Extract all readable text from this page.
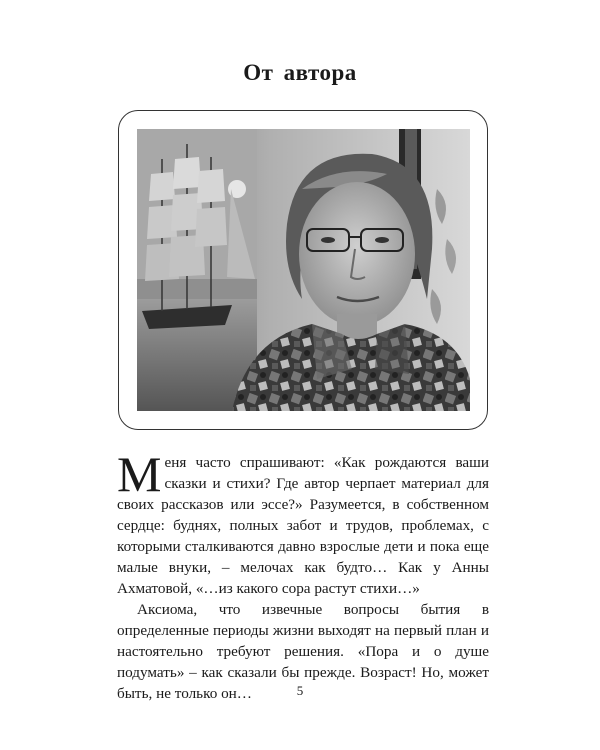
От автора

Меня часто спрашивают: «Как рождаются ваши сказки и стихи? Где автор черпает материал для своих рассказов или эссе?» Разумеется, в собственном сердце: буднях, полных забот и трудов, проблемах, с которыми сталкиваются давно взрослые дети и пока еще малые внуки, – мелочах как будто… Как у Анны Ахматовой, «…из какого сора растут стихи…»

Аксиома, что извечные вопросы бытия в определенные периоды жизни выходят на первый план и настоятельно требуют решения. «Пора и о душе подумать» – как сказали бы прежде. Возраст! Но, может быть, не только он…	5
